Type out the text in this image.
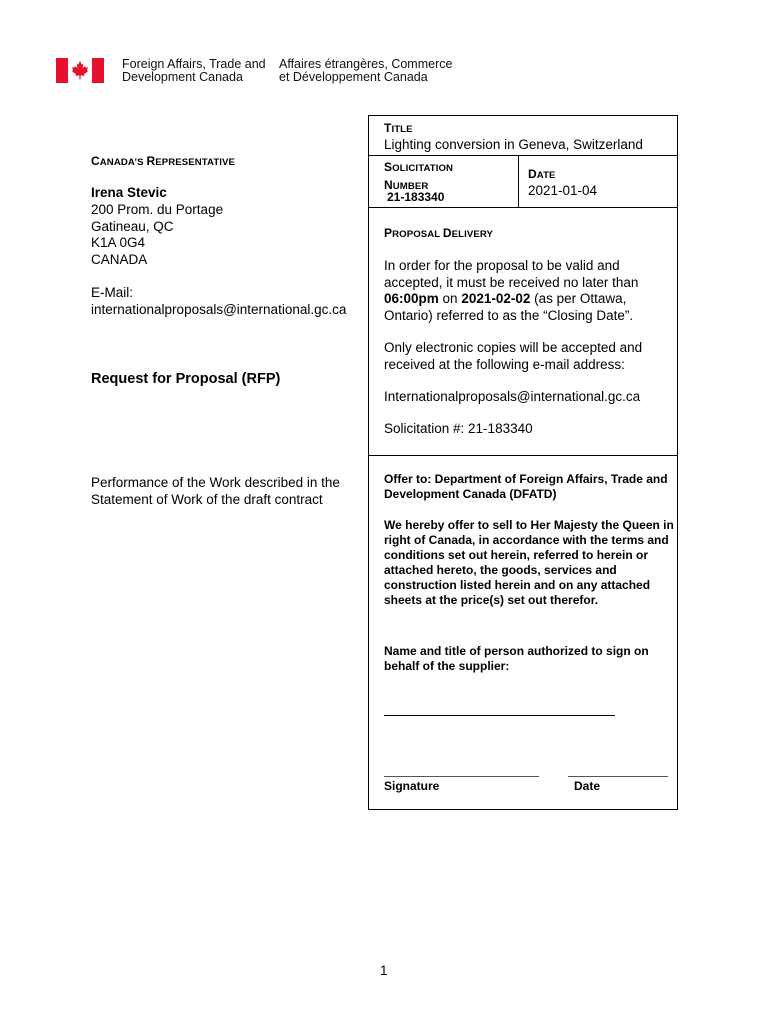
Foreign Affairs, Trade and
Development Canada
Affaires étrangères, Commerce
et Développement Canada
CANADA’S REPRESENTATIVE
Irena Stevic
200 Prom. du Portage
Gatineau, QC
K1A 0G4
CANADA
E-Mail:
internationalproposals@international.gc.ca
Request for Proposal (RFP)
Performance of the Work described in the Statement of Work of the draft contract
TITLE
Lighting conversion in Geneva, Switzerland
SOLICITATION
NUMBER
21-183340
DATE
2021-01-04
PROPOSAL DELIVERY
In order for the proposal to be valid and accepted, it must be received no later than 06:00pm on 2021-02-02 (as per Ottawa, Ontario) referred to as the “Closing Date”.
Only electronic copies will be accepted and received at the following e-mail address:
Internationalproposals@international.gc.ca
Solicitation #: 21-183340
Offer to: Department of Foreign Affairs, Trade and Development Canada (DFATD)
We hereby offer to sell to Her Majesty the Queen in right of Canada, in accordance with the terms and conditions set out herein, referred to herein or attached hereto, the goods, services and construction listed herein and on any attached sheets at the price(s) set out therefor.
Name and title of person authorized to sign on behalf of the supplier:
Signature	Date
1
